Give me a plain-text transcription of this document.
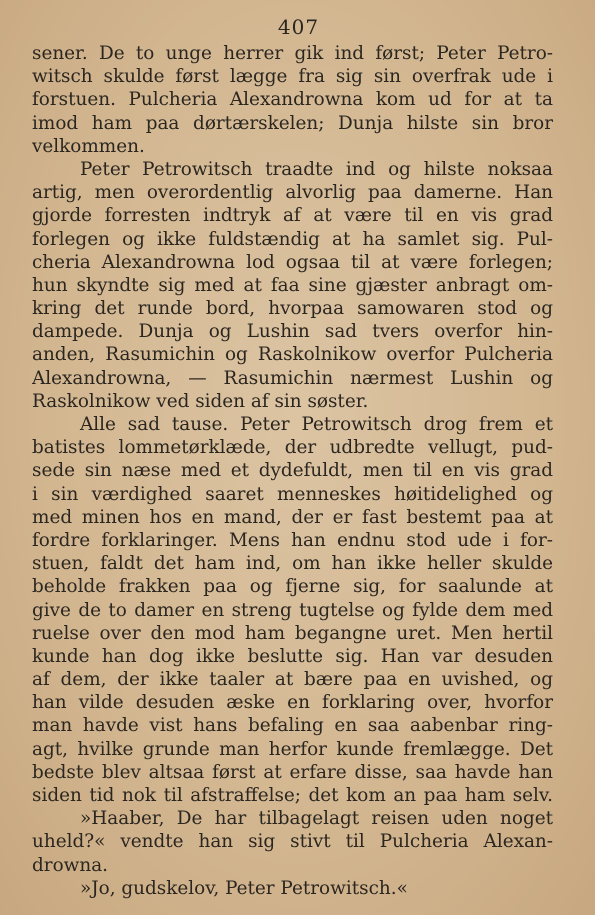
407
sener. De to unge herrer gik ind først; Peter Petro-
witsch skulde først lægge fra sig sin overfrak ude i
forstuen. Pulcheria Alexandrowna kom ud for at ta
imod ham paa dørtærskelen; Dunja hilste sin bror
velkommen.
Peter Petrowitsch traadte ind og hilste noksaa
artig, men overordentlig alvorlig paa damerne. Han
gjorde forresten indtryk af at være til en vis grad
forlegen og ikke fuldstændig at ha samlet sig. Pul-
cheria Alexandrowna lod ogsaa til at være forlegen;
hun skyndte sig med at faa sine gjæster anbragt om-
kring det runde bord, hvorpaa samowaren stod og
dampede. Dunja og Lushin sad tvers overfor hin-
anden, Rasumichin og Raskolnikow overfor Pulcheria
Alexandrowna, — Rasumichin nærmest Lushin og
Raskolnikow ved siden af sin søster.
Alle sad tause. Peter Petrowitsch drog frem et
batistes lommetørklæde, der udbredte vellugt, pud-
sede sin næse med et dydefuldt, men til en vis grad
i sin værdighed saaret menneskes høitidelighed og
med minen hos en mand, der er fast bestemt paa at
fordre forklaringer. Mens han endnu stod ude i for-
stuen, faldt det ham ind, om han ikke heller skulde
beholde frakken paa og fjerne sig, for saalunde at
give de to damer en streng tugtelse og fylde dem med
ruelse over den mod ham begangne uret. Men hertil
kunde han dog ikke beslutte sig. Han var desuden
af dem, der ikke taaler at bære paa en uvished, og
han vilde desuden æske en forklaring over, hvorfor
man havde vist hans befaling en saa aabenbar ring-
agt, hvilke grunde man herfor kunde fremlægge. Det
bedste blev altsaa først at erfare disse, saa havde han
siden tid nok til afstraffelse; det kom an paa ham selv.
»Haaber, De har tilbagelagt reisen uden noget
uheld?« vendte han sig stivt til Pulcheria Alexan-
drowna.
»Jo, gudskelov, Peter Petrowitsch.«
